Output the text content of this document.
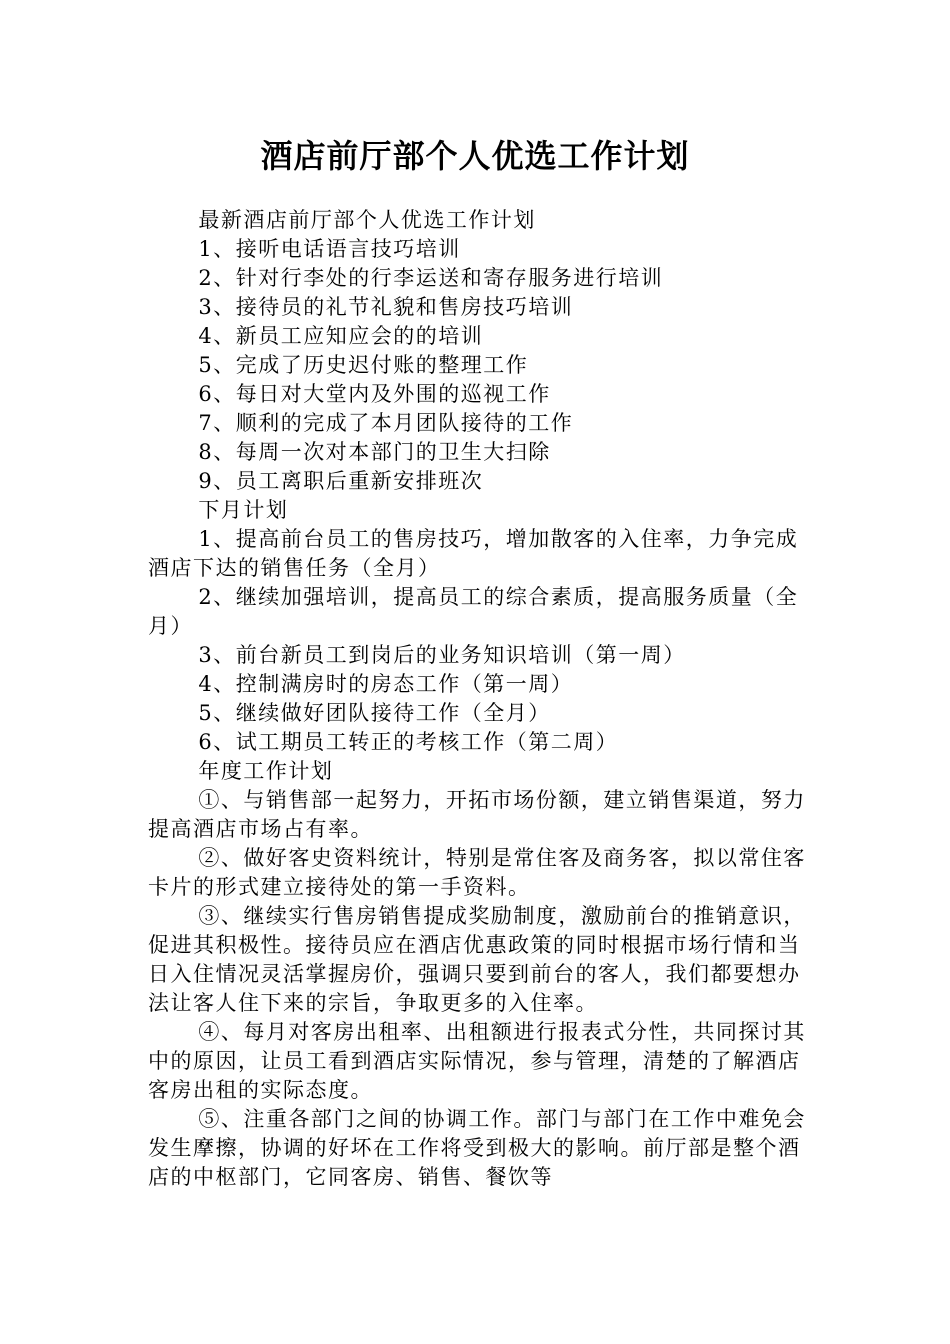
酒店前厅部个人优选工作计划

最新酒店前厅部个人优选工作计划

1、接听电话语言技巧培训

2、针对行李处的行李运送和寄存服务进行培训

3、接待员的礼节礼貌和售房技巧培训

4、新员工应知应会的的培训

5、完成了历史迟付账的整理工作

6、每日对大堂内及外围的巡视工作

7、顺利的完成了本月团队接待的工作

8、每周一次对本部门的卫生大扫除

9、员工离职后重新安排班次

下月计划

1、提高前台员工的售房技巧，增加散客的入住率，力争完成酒店下达的销售任务（全月）

2、继续加强培训，提高员工的综合素质，提高服务质量（全月）

3、前台新员工到岗后的业务知识培训（第一周）

4、控制满房时的房态工作（第一周）

5、继续做好团队接待工作（全月）

6、试工期员工转正的考核工作（第二周）

年度工作计划

①、与销售部一起努力，开拓市场份额，建立销售渠道，努力提高酒店市场占有率。

②、做好客史资料统计，特别是常住客及商务客，拟以常住客卡片的形式建立接待处的第一手资料。

③、继续实行售房销售提成奖励制度，激励前台的推销意识，促进其积极性。接待员应在酒店优惠政策的同时根据市场行情和当日入住情况灵活掌握房价，强调只要到前台的客人，我们都要想办法让客人住下来的宗旨，争取更多的入住率。

④、每月对客房出租率、出租额进行报表式分性，共同探讨其中的原因，让员工看到酒店实际情况，参与管理，清楚的了解酒店客房出租的实际态度。

⑤、注重各部门之间的协调工作。部门与部门在工作中难免会发生摩擦，协调的好坏在工作将受到极大的影响。前厅部是整个酒店的中枢部门，它同客房、销售、餐饮等
